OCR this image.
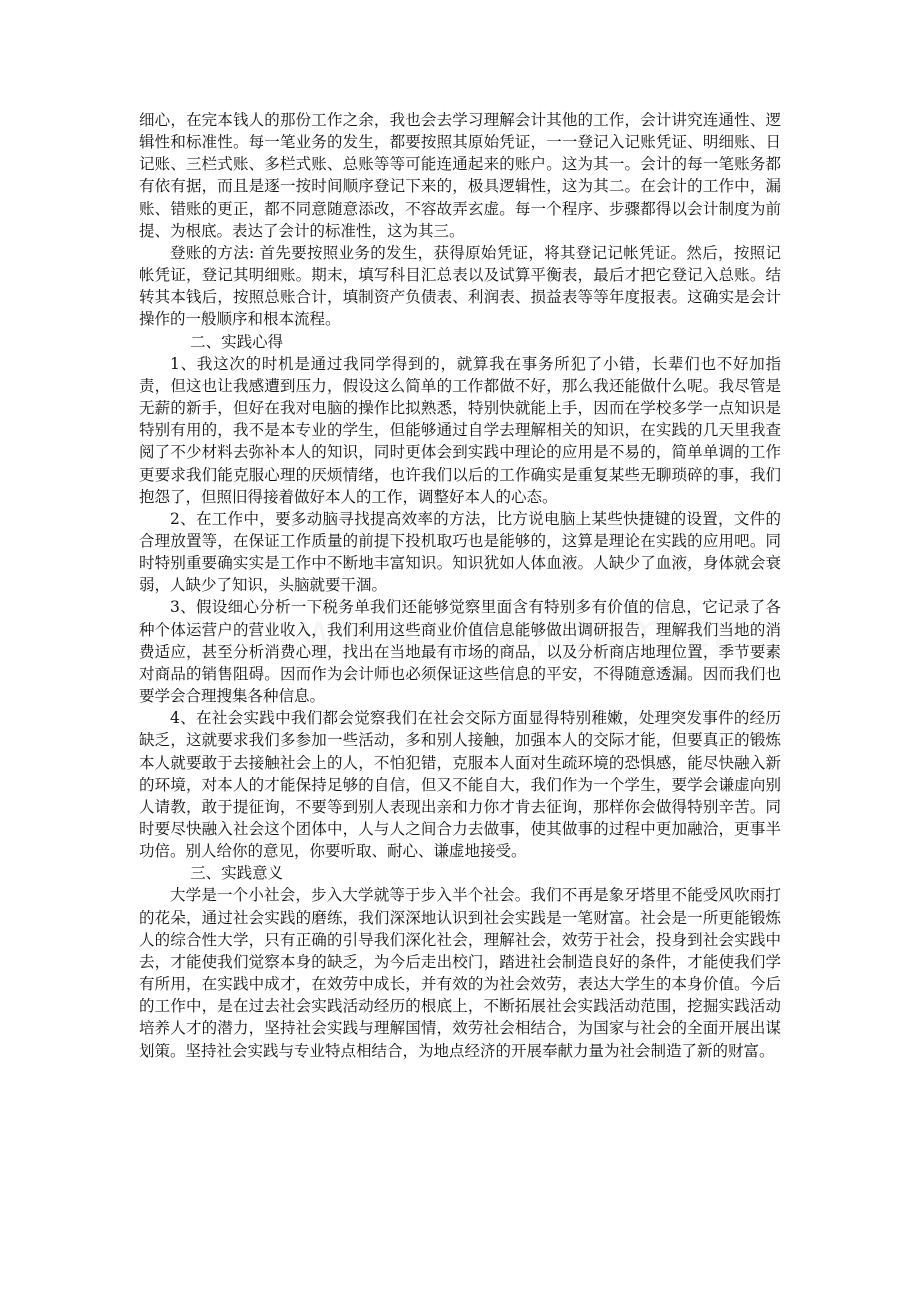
细心，在完本钱人的那份工作之余，我也会去学习理解会计其他的工作，会计讲究连通性、逻辑性和标准性。每一笔业务的发生，都要按照其原始凭证，一一登记入记账凭证、明细账、日记账、三栏式账、多栏式账、总账等等可能连通起来的账户。这为其一。会计的每一笔账务都有依有据，而且是逐一按时间顺序登记下来的，极具逻辑性，这为其二。在会计的工作中，漏账、错账的更正，都不同意随意添改，不容故弄玄虚。每一个程序、步骤都得以会计制度为前提、为根底。表达了会计的标准性，这为其三。

登账的方法: 首先要按照业务的发生，获得原始凭证，将其登记记帐凭证。然后，按照记帐凭证，登记其明细账。期末，填写科目汇总表以及试算平衡表，最后才把它登记入总账。结转其本钱后，按照总账合计，填制资产负债表、利润表、损益表等等年度报表。这确实是会计操作的一般顺序和根本流程。

二、实践心得

1、我这次的时机是通过我同学得到的，就算我在事务所犯了小错，长辈们也不好加指责，但这也让我感遭到压力，假设这么简单的工作都做不好，那么我还能做什么呢。我尽管是无薪的新手，但好在我对电脑的操作比拟熟悉，特别快就能上手，因而在学校多学一点知识是特别有用的，我不是本专业的学生，但能够通过自学去理解相关的知识，在实践的几天里我查阅了不少材料去弥补本人的知识，同时更体会到实践中理论的应用是不易的，简单单调的工作更要求我们能克服心理的厌烦情绪，也许我们以后的工作确实是重复某些无聊琐碎的事，我们抱怨了，但照旧得接着做好本人的工作，调整好本人的心态。

2、在工作中，要多动脑寻找提高效率的方法，比方说电脑上某些快捷键的设置，文件的合理放置等，在保证工作质量的前提下投机取巧也是能够的，这算是理论在实践的应用吧。同时特别重要确实实是工作中不断地丰富知识。知识犹如人体血液。人缺少了血液，身体就会衰弱，人缺少了知识，头脑就要干涸。

3、假设细心分析一下税务单我们还能够觉察里面含有特别多有价值的信息，它记录了各种个体运营户的营业收入，我们利用这些商业价值信息能够做出调研报告，理解我们当地的消费适应，甚至分析消费心理，找出在当地最有市场的商品，以及分析商店地理位置，季节要素对商品的销售阻碍。因而作为会计师也必须保证这些信息的平安，不得随意透漏。因而我们也要学会合理搜集各种信息。

4、在社会实践中我们都会觉察我们在社会交际方面显得特别稚嫩，处理突发事件的经历缺乏，这就要求我们多参加一些活动，多和别人接触，加强本人的交际才能，但要真正的锻炼本人就要敢于去接触社会上的人，不怕犯错，克服本人面对生疏环境的恐惧感，能尽快融入新的环境，对本人的才能保持足够的自信，但又不能自大，我们作为一个学生，要学会谦虚向别人请教，敢于提征询，不要等到别人表现出亲和力你才肯去征询，那样你会做得特别辛苦。同时要尽快融入社会这个团体中，人与人之间合力去做事，使其做事的过程中更加融洽，更事半功倍。别人给你的意见，你要听取、耐心、谦虚地接受。

三、实践意义

大学是一个小社会，步入大学就等于步入半个社会。我们不再是象牙塔里不能受风吹雨打的花朵，通过社会实践的磨练，我们深深地认识到社会实践是一笔财富。社会是一所更能锻炼人的综合性大学，只有正确的引导我们深化社会，理解社会，效劳于社会，投身到社会实践中去，才能使我们觉察本身的缺乏，为今后走出校门，踏进社会制造良好的条件，才能使我们学有所用，在实践中成才，在效劳中成长，并有效的为社会效劳，表达大学生的本身价值。今后的工作中，是在过去社会实践活动经历的根底上，不断拓展社会实践活动范围，挖掘实践活动培养人才的潜力，坚持社会实践与理解国情，效劳社会相结合，为国家与社会的全面开展出谋划策。坚持社会实践与专业特点相结合，为地点经济的开展奉献力量为社会制造了新的财富。
